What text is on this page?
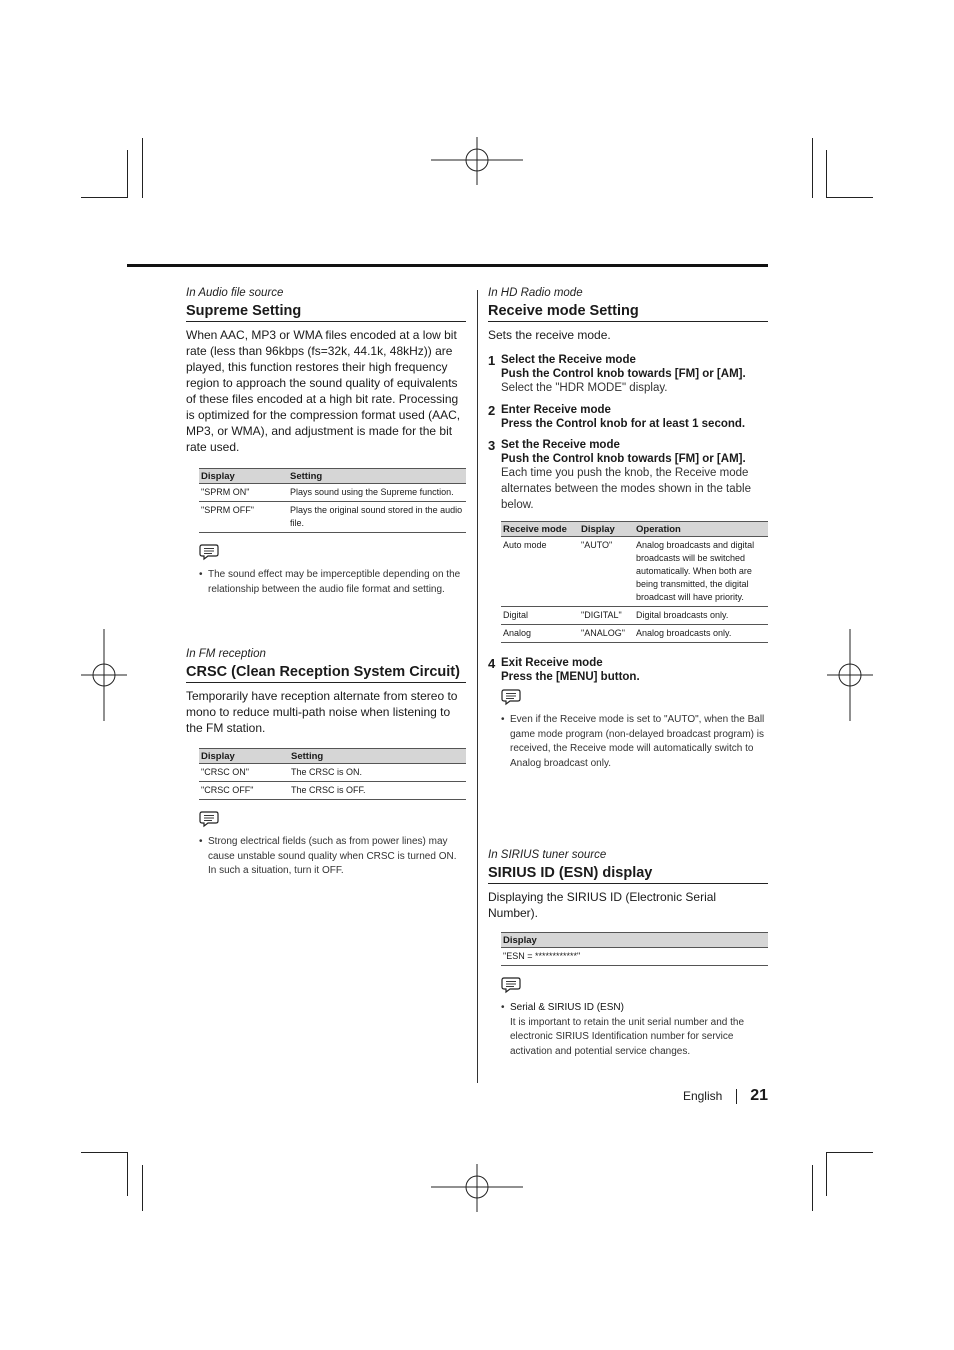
In Audio file source
Supreme Setting
When AAC, MP3 or WMA files encoded at a low bit rate (less than 96kbps (fs=32k, 44.1k, 48kHz)) are played, this function restores their high frequency region to approach the sound quality of equivalents of these files encoded at a high bit rate. Processing is optimized for the compression format used (AAC, MP3, or WMA), and adjustment is made for the bit rate used.
Display	Setting
"SPRM ON"	Plays sound using the Supreme function.
"SPRM OFF"	Plays the original sound stored in the audio file.
• The sound effect may be imperceptible depending on the relationship between the audio file format and setting.
In FM reception
CRSC (Clean Reception System Circuit)
Temporarily have reception alternate from stereo to mono to reduce multi-path noise when listening to the FM station.
Display	Setting
"CRSC ON"	The CRSC is ON.
"CRSC OFF"	The CRSC is OFF.
• Strong electrical fields (such as from power lines) may cause unstable sound quality when CRSC is turned ON. In such a situation, turn it OFF.
In HD Radio mode
Receive mode Setting
Sets the receive mode.
1 Select the Receive mode
Push the Control knob towards [FM] or [AM].
Select the "HDR MODE" display.
2 Enter Receive mode
Press the Control knob for at least 1 second.
3 Set the Receive mode
Push the Control knob towards [FM] or [AM].
Each time you push the knob, the Receive mode alternates between the modes shown in the table below.
Receive mode	Display	Operation
Auto mode	"AUTO"	Analog broadcasts and digital broadcasts will be switched automatically. When both are being transmitted, the digital broadcast will have priority.
Digital	"DIGITAL"	Digital broadcasts only.
Analog	"ANALOG"	Analog broadcasts only.
4 Exit Receive mode
Press the [MENU] button.
• Even if the Receive mode is set to "AUTO", when the Ball game mode program (non-delayed broadcast program) is received, the Receive mode will automatically switch to Analog broadcast only.
In SIRIUS tuner source
SIRIUS ID (ESN) display
Displaying the SIRIUS ID (Electronic Serial Number).
Display
"ESN = ************"
• Serial & SIRIUS ID (ESN)
It is important to retain the unit serial number and the electronic SIRIUS Identification number for service activation and potential service changes.
English 21
